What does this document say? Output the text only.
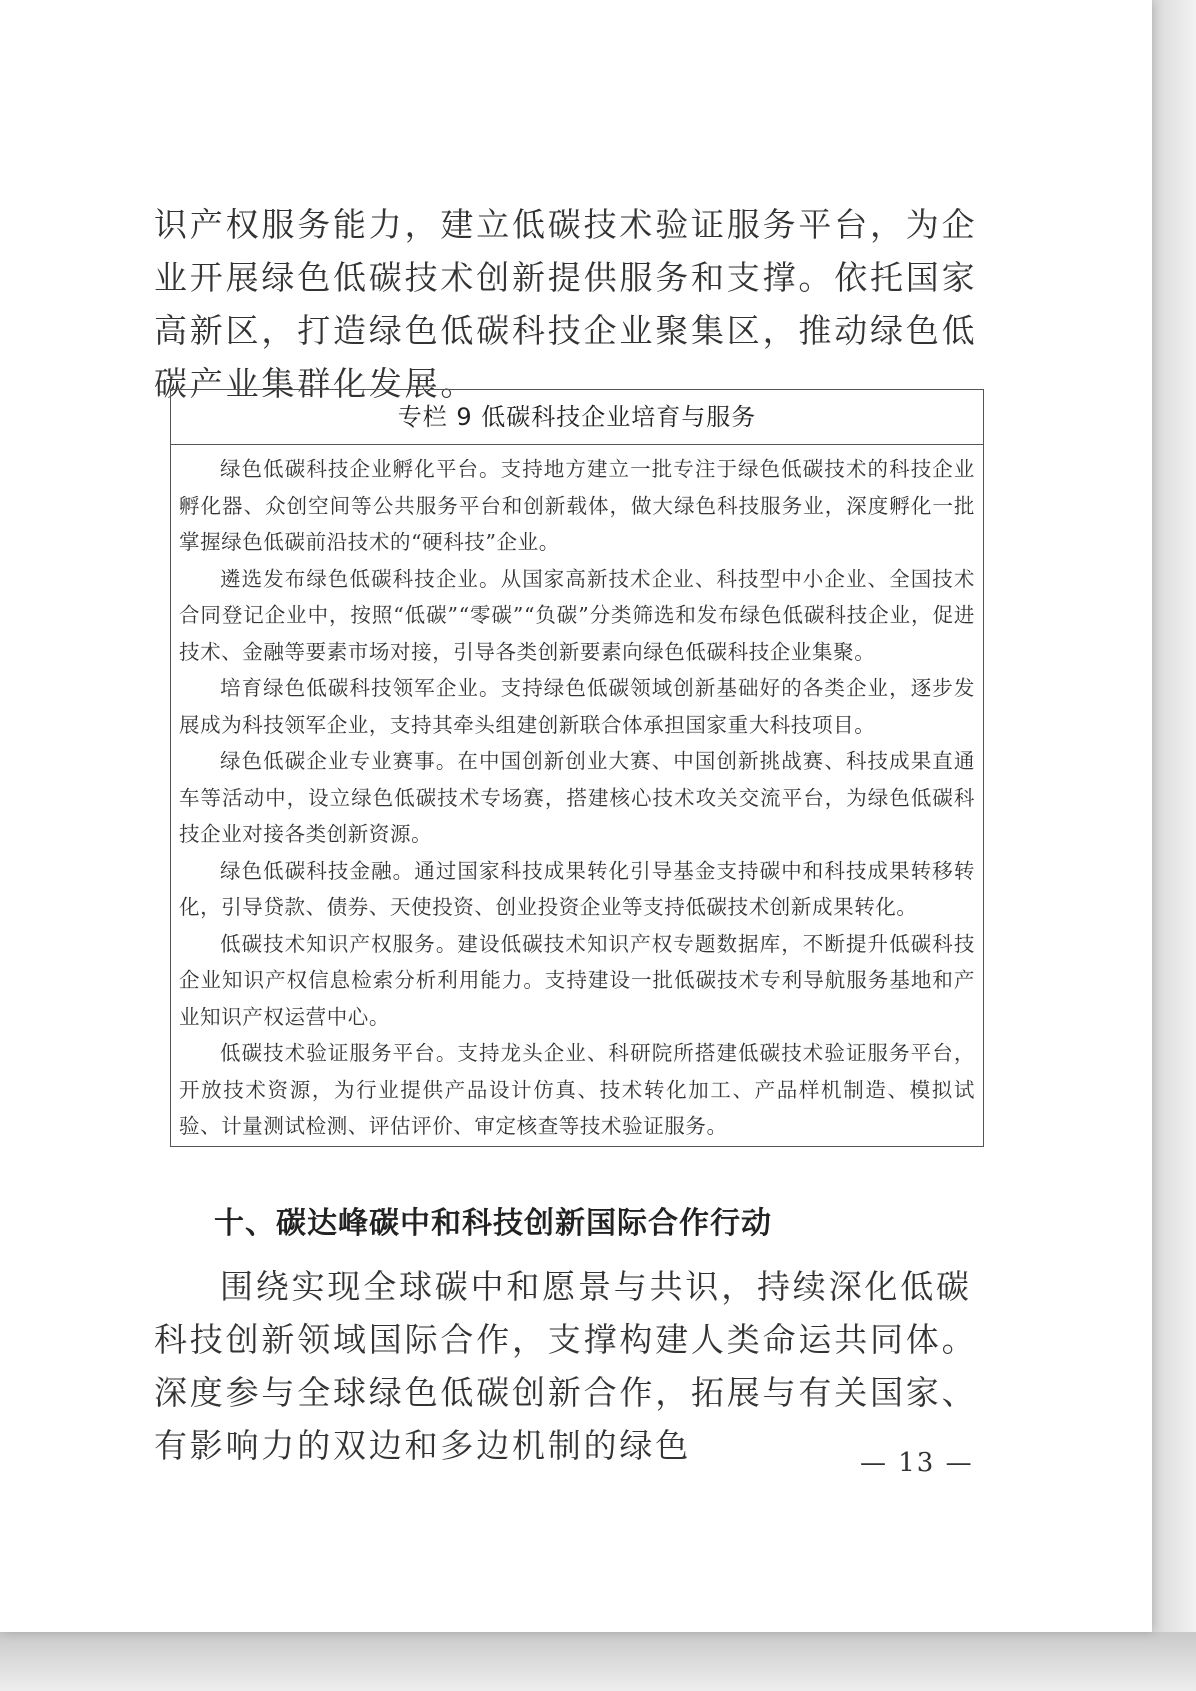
识产权服务能力，建立低碳技术验证服务平台，为企业开展绿色低碳技术创新提供服务和支撑。依托国家高新区，打造绿色低碳科技企业聚集区，推动绿色低碳产业集群化发展。

专栏 9 低碳科技企业培育与服务

绿色低碳科技企业孵化平台。支持地方建立一批专注于绿色低碳技术的科技企业孵化器、众创空间等公共服务平台和创新载体，做大绿色科技服务业，深度孵化一批掌握绿色低碳前沿技术的“硬科技”企业。

遴选发布绿色低碳科技企业。从国家高新技术企业、科技型中小企业、全国技术合同登记企业中，按照“低碳”“零碳”“负碳”分类筛选和发布绿色低碳科技企业，促进技术、金融等要素市场对接，引导各类创新要素向绿色低碳科技企业集聚。

培育绿色低碳科技领军企业。支持绿色低碳领域创新基础好的各类企业，逐步发展成为科技领军企业，支持其牵头组建创新联合体承担国家重大科技项目。

绿色低碳企业专业赛事。在中国创新创业大赛、中国创新挑战赛、科技成果直通车等活动中，设立绿色低碳技术专场赛，搭建核心技术攻关交流平台，为绿色低碳科技企业对接各类创新资源。

绿色低碳科技金融。通过国家科技成果转化引导基金支持碳中和科技成果转移转化，引导贷款、债券、天使投资、创业投资企业等支持低碳技术创新成果转化。

低碳技术知识产权服务。建设低碳技术知识产权专题数据库，不断提升低碳科技企业知识产权信息检索分析利用能力。支持建设一批低碳技术专利导航服务基地和产业知识产权运营中心。

低碳技术验证服务平台。支持龙头企业、科研院所搭建低碳技术验证服务平台，开放技术资源，为行业提供产品设计仿真、技术转化加工、产品样机制造、模拟试验、计量测试检测、评估评价、审定核查等技术验证服务。

十、碳达峰碳中和科技创新国际合作行动

围绕实现全球碳中和愿景与共识，持续深化低碳科技创新领域国际合作，支撑构建人类命运共同体。深度参与全球绿色低碳创新合作，拓展与有关国家、有影响力的双边和多边机制的绿色	— 13 —
